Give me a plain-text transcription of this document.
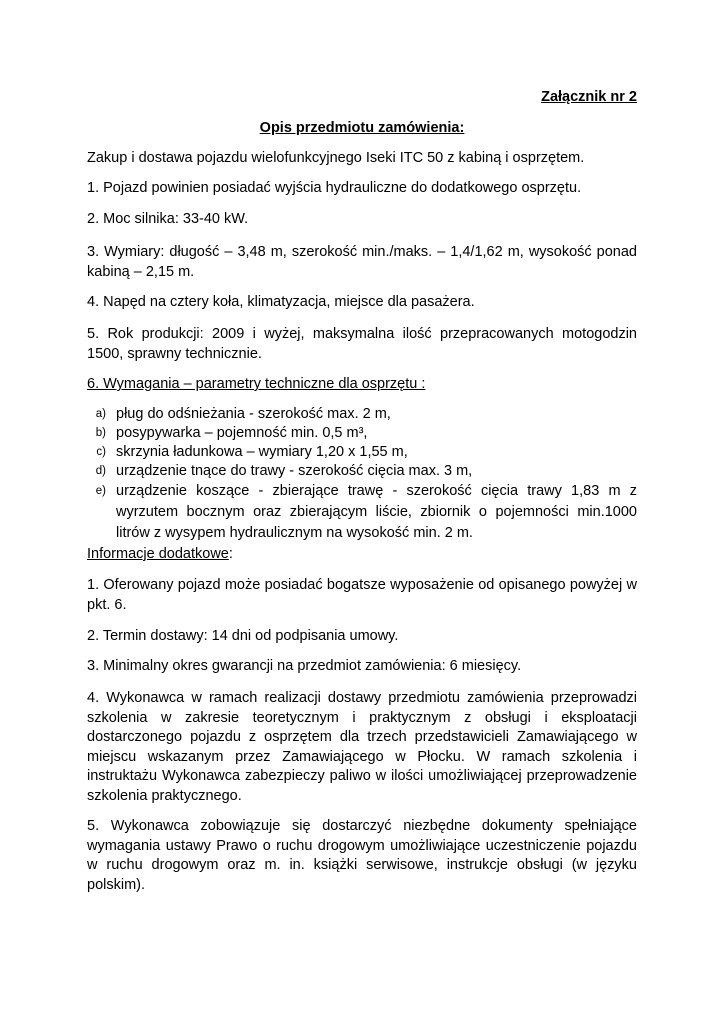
Załącznik nr 2
Opis przedmiotu zamówienia:
Zakup i dostawa pojazdu wielofunkcyjnego Iseki ITC 50 z kabiną i osprzętem.
1. Pojazd powinien posiadać wyjścia hydrauliczne do dodatkowego osprzętu.
2. Moc silnika: 33-40 kW.
3. Wymiary: długość – 3,48 m, szerokość min./maks. – 1,4/1,62 m, wysokość ponad kabiną – 2,15 m.
4. Napęd na cztery koła, klimatyzacja, miejsce dla pasażera.
5. Rok produkcji: 2009 i wyżej, maksymalna ilość przepracowanych motogodzin 1500, sprawny technicznie.
6. Wymagania – parametry techniczne dla osprzętu :
a) pług do odśnieżania - szerokość max. 2 m,
b) posypywarka – pojemność min. 0,5 m³,
c) skrzynia ładunkowa – wymiary 1,20 x 1,55 m,
d) urządzenie tnące do trawy - szerokość cięcia max. 3 m,
e) urządzenie koszące - zbierające trawę - szerokość cięcia trawy 1,83 m z wyrzutem bocznym oraz zbierającym liście, zbiornik o pojemności min.1000 litrów z wysypem hydraulicznym na wysokość min. 2 m.
Informacje dodatkowe:
1. Oferowany pojazd może posiadać bogatsze wyposażenie od opisanego powyżej w pkt. 6.
2. Termin dostawy: 14 dni od podpisania umowy.
3. Minimalny okres gwarancji na przedmiot zamówienia: 6 miesięcy.
4. Wykonawca w ramach realizacji dostawy przedmiotu zamówienia przeprowadzi szkolenia w zakresie teoretycznym i praktycznym z obsługi i eksploatacji dostarczonego pojazdu z osprzętem dla trzech przedstawicieli Zamawiającego w miejscu wskazanym przez Zamawiającego w Płocku. W ramach szkolenia i instruktażu Wykonawca zabezpieczy paliwo w ilości umożliwiającej przeprowadzenie szkolenia praktycznego.
5. Wykonawca zobowiązuje się dostarczyć niezbędne dokumenty spełniające wymagania ustawy Prawo o ruchu drogowym umożliwiające uczestniczenie pojazdu w ruchu drogowym oraz m. in. książki serwisowe, instrukcje obsługi (w języku polskim).
